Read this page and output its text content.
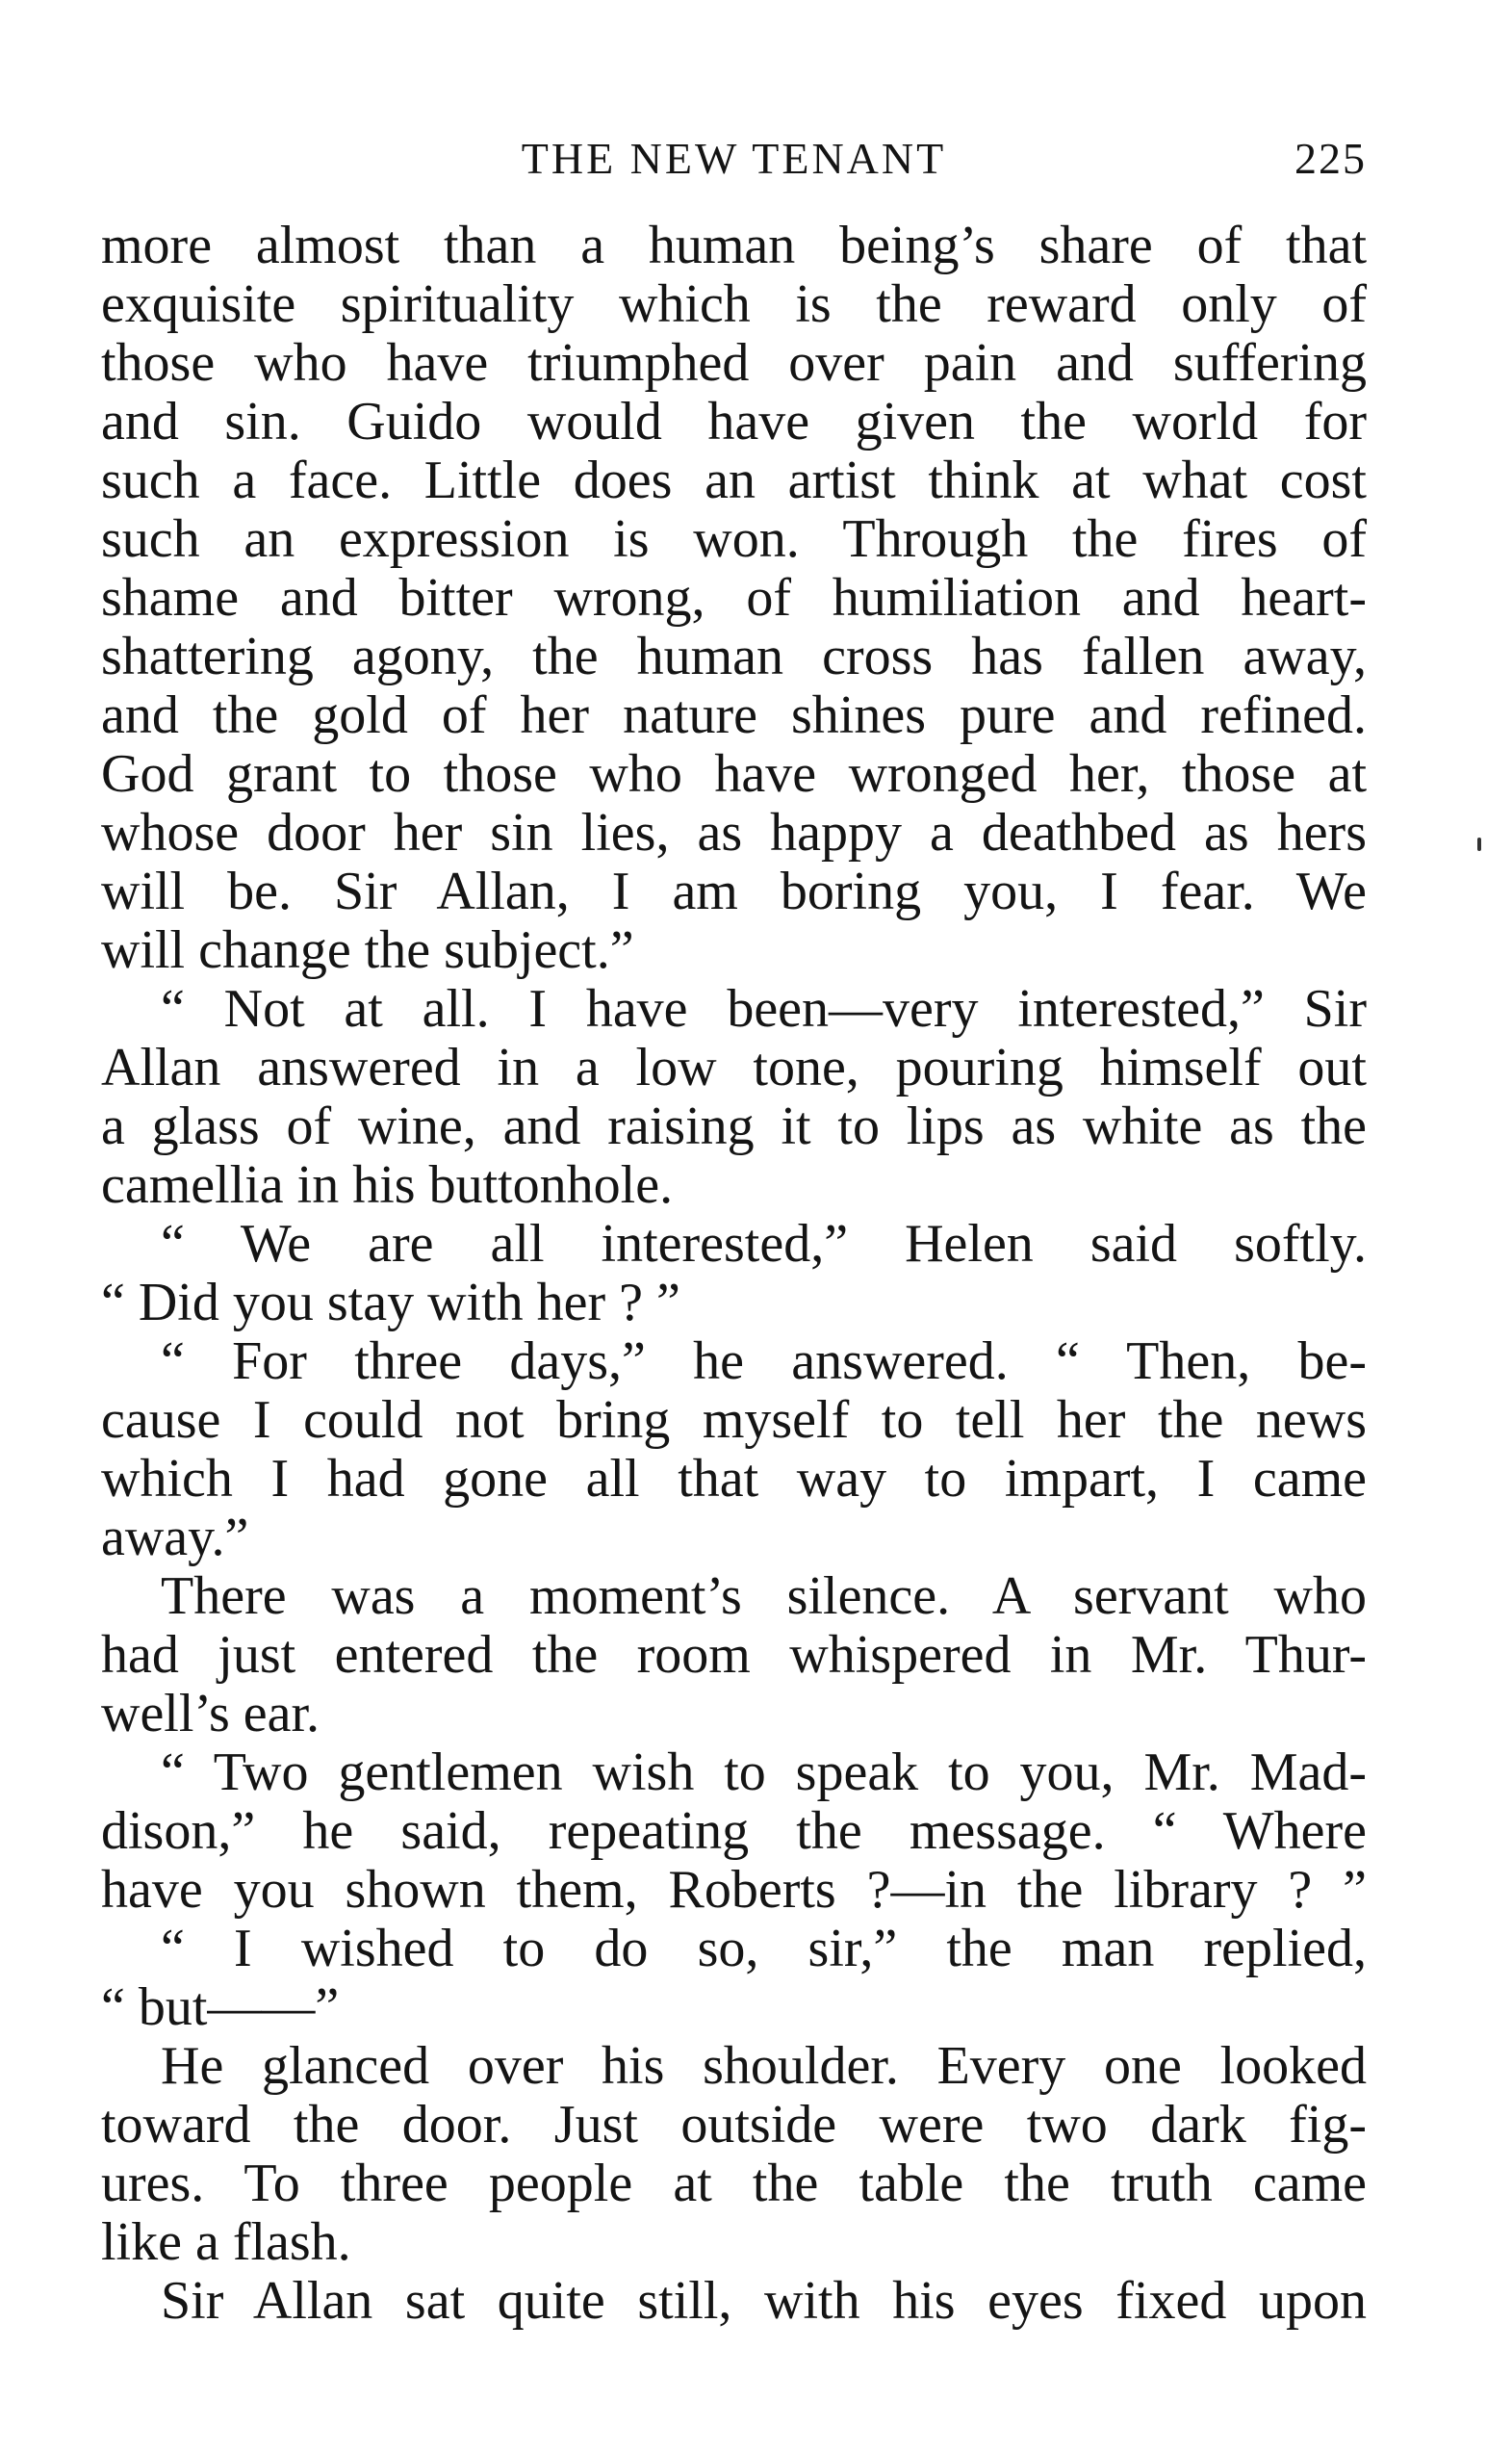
THE NEW TENANT	225
more almost than a human being’s share of that
exquisite spirituality which is the reward only of
those who have triumphed over pain and suffering
and sin. Guido would have given the world for
such a face. Little does an artist think at what cost
such an expression is won. Through the fires of
shame and bitter wrong, of humiliation and heart-
shattering agony, the human cross has fallen away,
and the gold of her nature shines pure and refined.
God grant to those who have wronged her, those at
whose door her sin lies, as happy a deathbed as hers
will be. Sir Allan, I am boring you, I fear. We
will change the subject.”
“ Not at all. I have been—very interested,” Sir
Allan answered in a low tone, pouring himself out
a glass of wine, and raising it to lips as white as the
camellia in his buttonhole.
“ We are all interested,” Helen said softly.
“ Did you stay with her ? ”
“ For three days,” he answered. “ Then, be-
cause I could not bring myself to tell her the news
which I had gone all that way to impart, I came
away.”
There was a moment’s silence. A servant who
had just entered the room whispered in Mr. Thur-
well’s ear.
“ Two gentlemen wish to speak to you, Mr. Mad-
dison,” he said, repeating the message. “ Where
have you shown them, Roberts ?—in the library ? ”
“ I wished to do so, sir,” the man replied,
“ but——”
He glanced over his shoulder. Every one looked
toward the door. Just outside were two dark fig-
ures. To three people at the table the truth came
like a flash.
Sir Allan sat quite still, with his eyes fixed upon
